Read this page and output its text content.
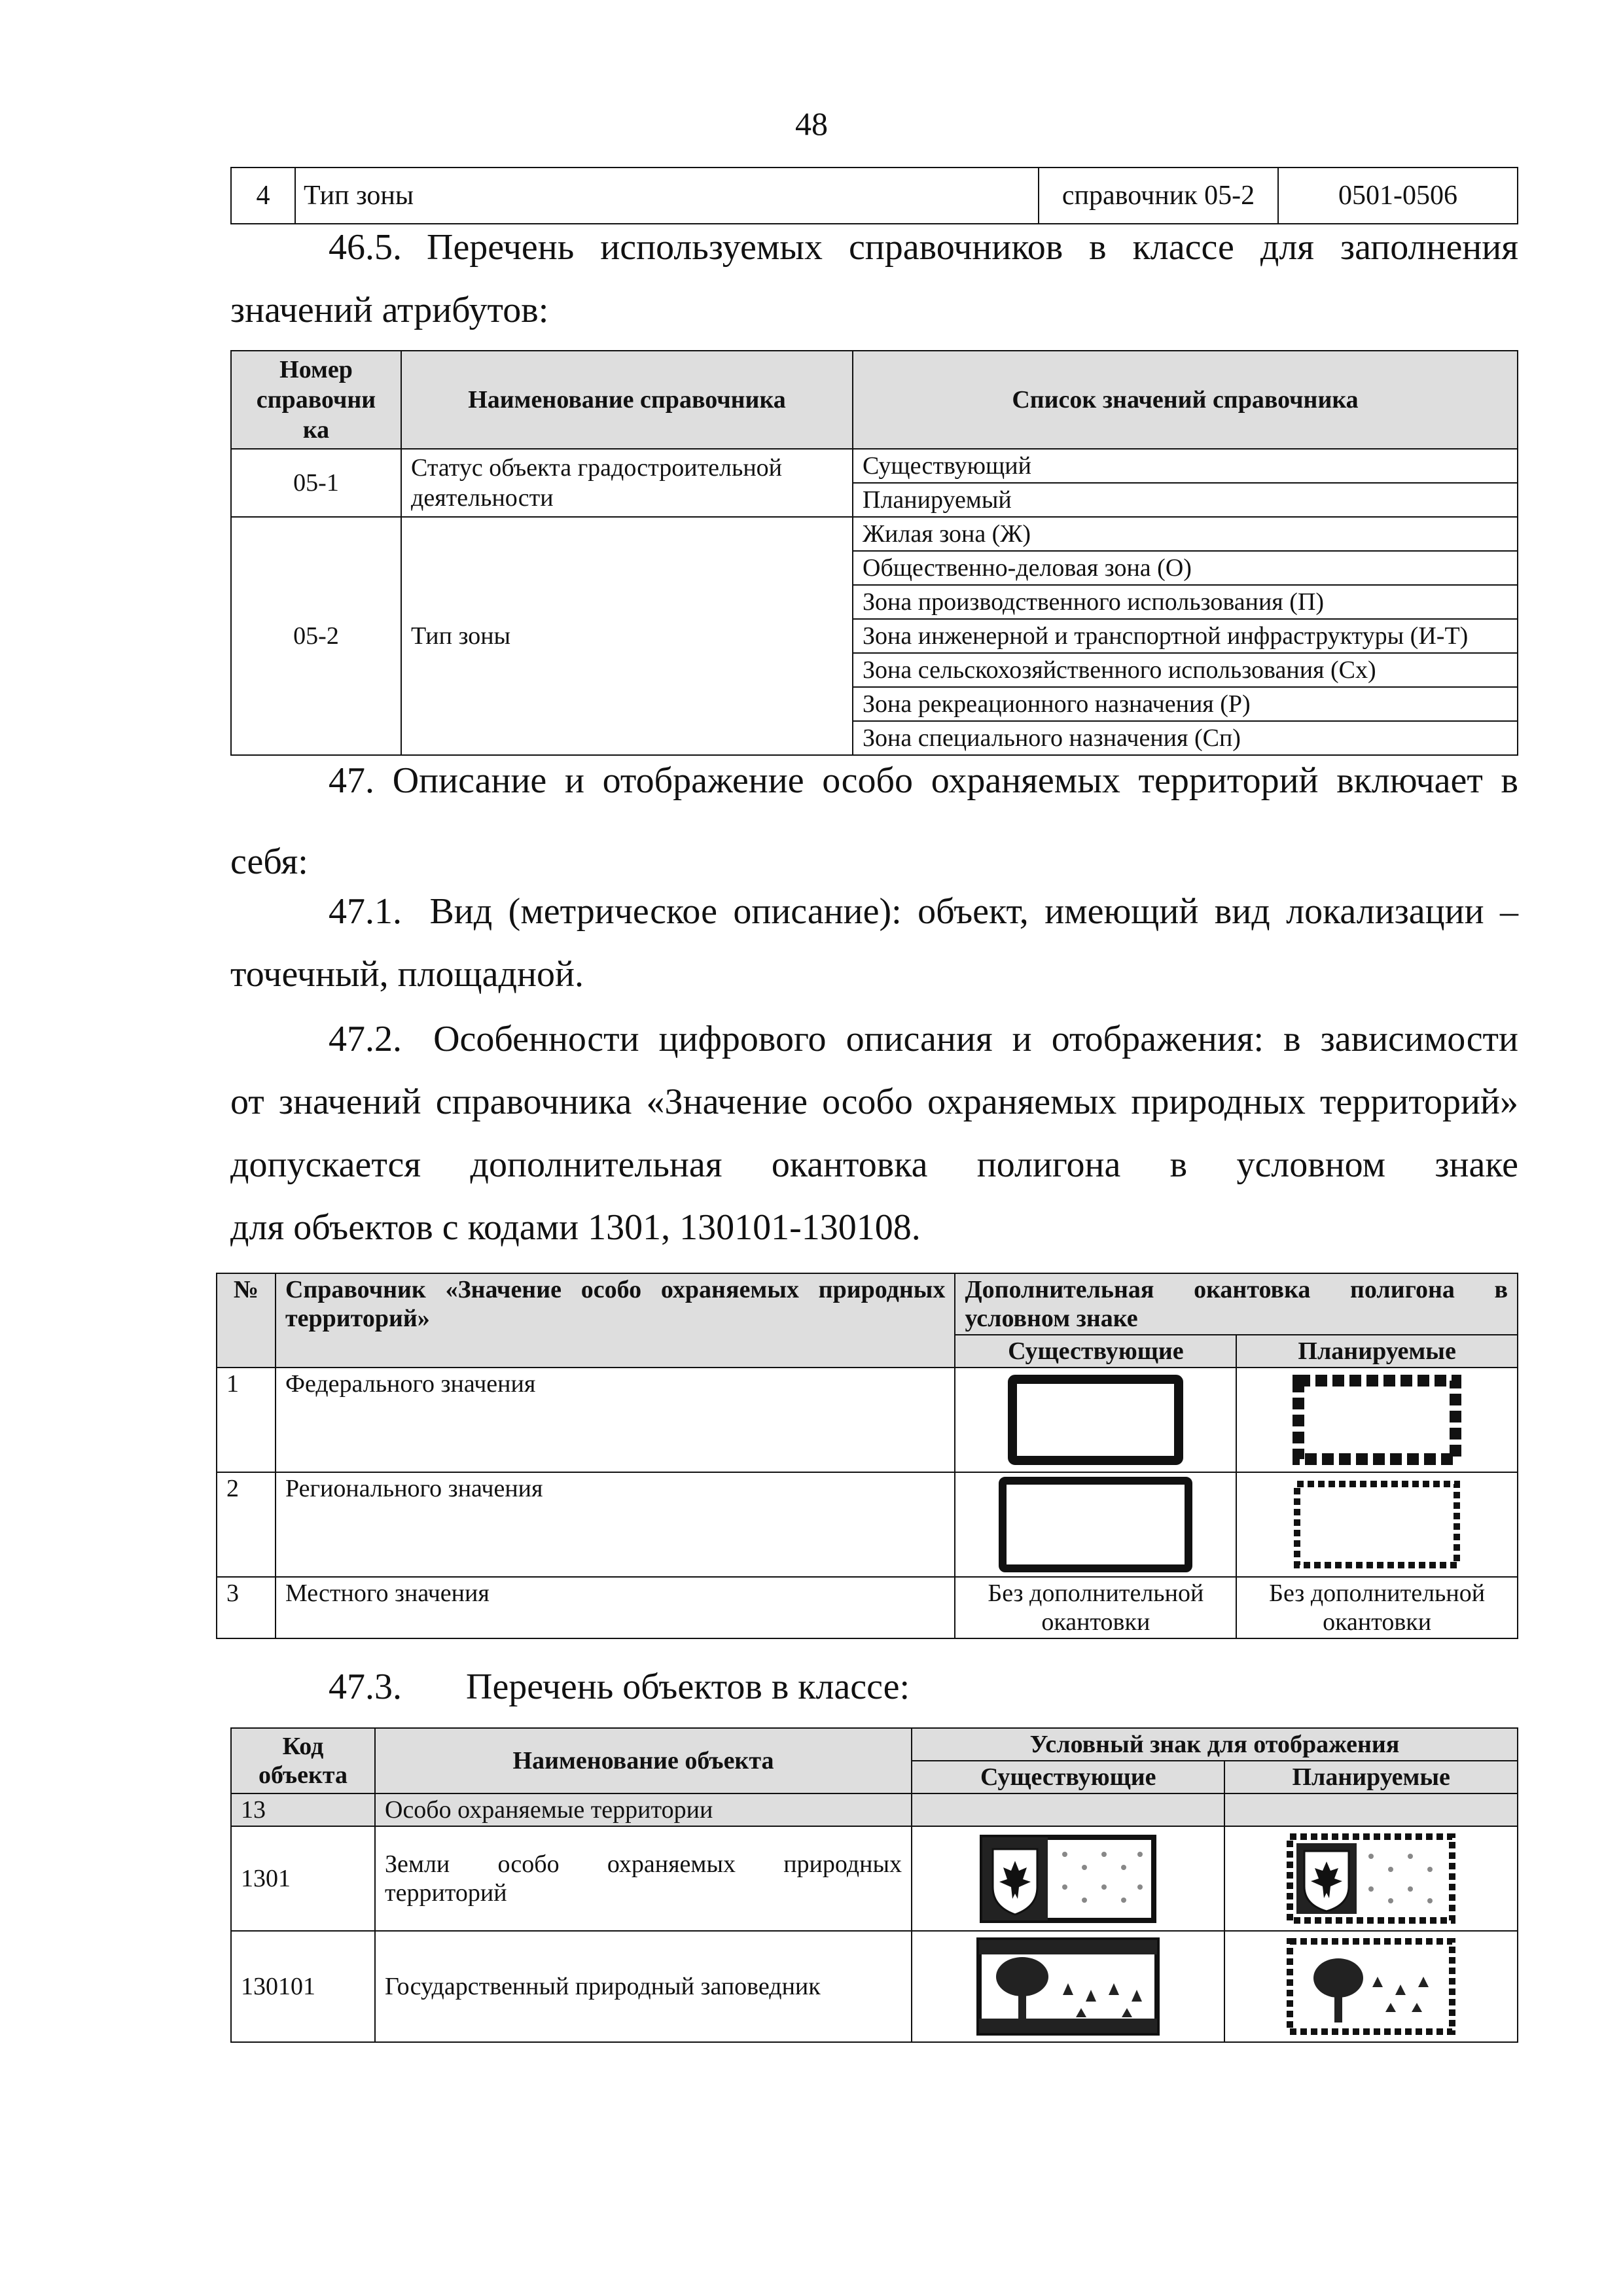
48
4	Тип зоны	справочник 05-2	0501-0506
46.5. Перечень используемых справочников в классе для заполнения
значений атрибутов:
Номер справочни ка	Наименование справочника	Список значений справочника
05-1	Статус объекта градостроительной деятельности	Существующий
		Планируемый
05-2	Тип зоны	Жилая зона (Ж)
		Общественно-деловая зона (О)
		Зона производственного использования (П)
		Зона инженерной и транспортной инфраструктуры (И-Т)
		Зона сельскохозяйственного использования (Сх)
		Зона рекреационного назначения (Р)
		Зона специального назначения (Сп)
47. Описание и отображение особо охраняемых территорий включает в
себя:
47.1. Вид (метрическое описание): объект, имеющий вид локализации –
точечный, площадной.
47.2. Особенности цифрового описания и отображения: в зависимости
от значений справочника «Значение особо охраняемых природных территорий»
допускается дополнительная окантовка полигона в условном знаке
для объектов с кодами 1301, 130101-130108.
№	Справочник «Значение особо охраняемых природных территорий»	Дополнительная окантовка полигона в условном знаке	
		Существующие	Планируемые
1	Федерального значения	

2	Регионального значения	

3	Местного значения	Без дополнительной окантовки	Без дополнительной окантовки
47.3. Перечень объектов в классе:
Код объекта	Наименование объекта	Условный знак для отображения	
		Существующие	Планируемые
13	Особо охраняемые территории		
1301	Земли особо охраняемых природных территорий	

130101	Государственный природный заповедник	
